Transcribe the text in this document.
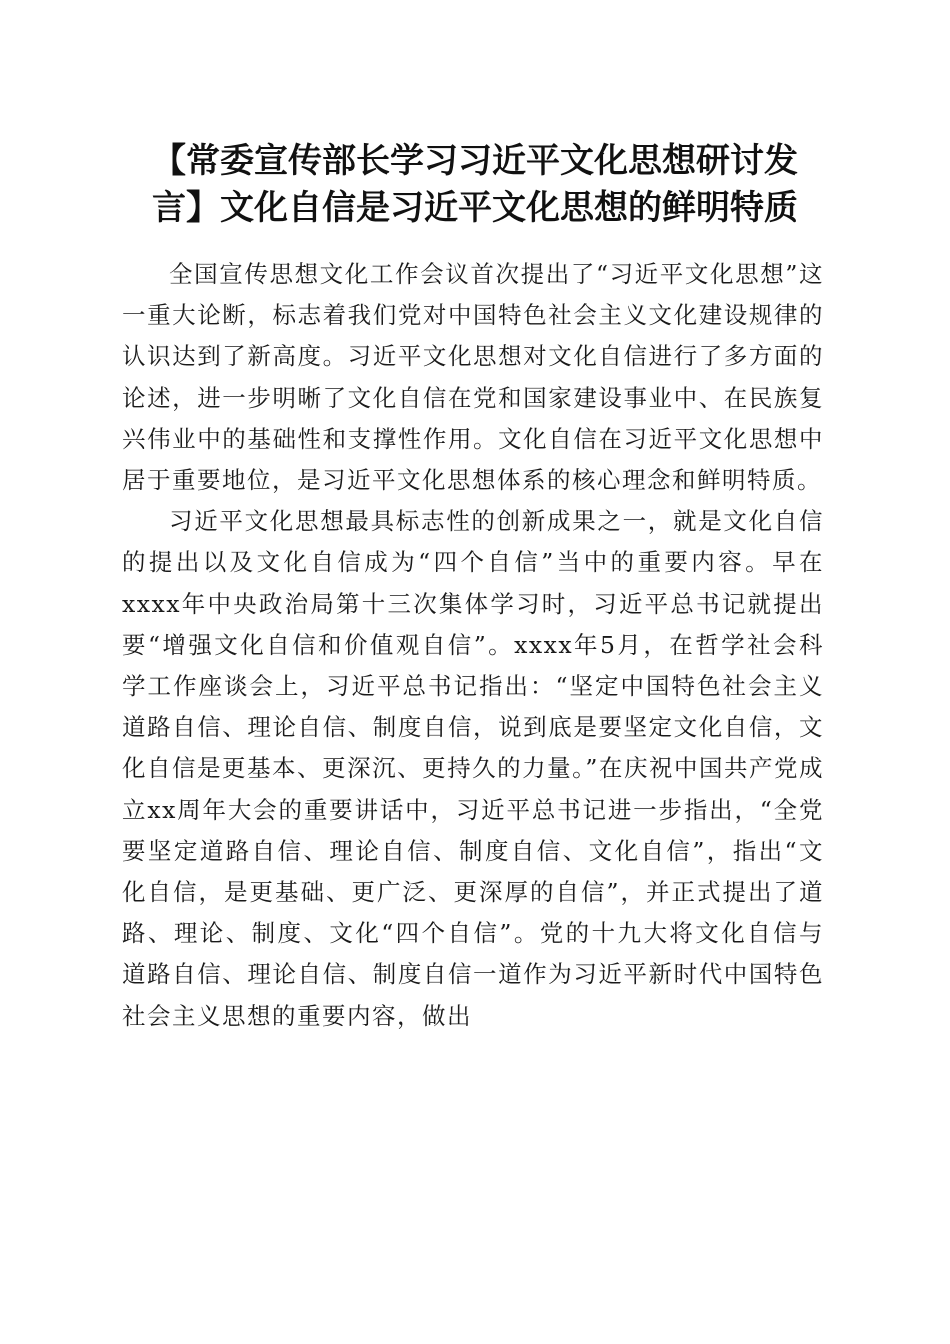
【常委宣传部长学习习近平文化思想研讨发
言】文化自信是习近平文化思想的鲜明特质

全国宣传思想文化工作会议首次提出了“习近平文化思想”这一重大论断，标志着我们党对中国特色社会主义文化建设规律的认识达到了新高度。习近平文化思想对文化自信进行了多方面的论述，进一步明晰了文化自信在党和国家建设事业中、在民族复兴伟业中的基础性和支撑性作用。文化自信在习近平文化思想中居于重要地位，是习近平文化思想体系的核心理念和鲜明特质。

习近平文化思想最具标志性的创新成果之一，就是文化自信的提出以及文化自信成为“四个自信”当中的重要内容。早在xxxx年中央政治局第十三次集体学习时，习近平总书记就提出要“增强文化自信和价值观自信”。xxxx年5月，在哲学社会科学工作座谈会上，习近平总书记指出：“坚定中国特色社会主义道路自信、理论自信、制度自信，说到底是要坚定文化自信，文化自信是更基本、更深沉、更持久的力量。”在庆祝中国共产党成立xx周年大会的重要讲话中，习近平总书记进一步指出，“全党要坚定道路自信、理论自信、制度自信、文化自信”，指出“文化自信，是更基础、更广泛、更深厚的自信”，并正式提出了道路、理论、制度、文化“四个自信”。党的十九大将文化自信与道路自信、理论自信、制度自信一道作为习近平新时代中国特色社会主义思想的重要内容，做出
